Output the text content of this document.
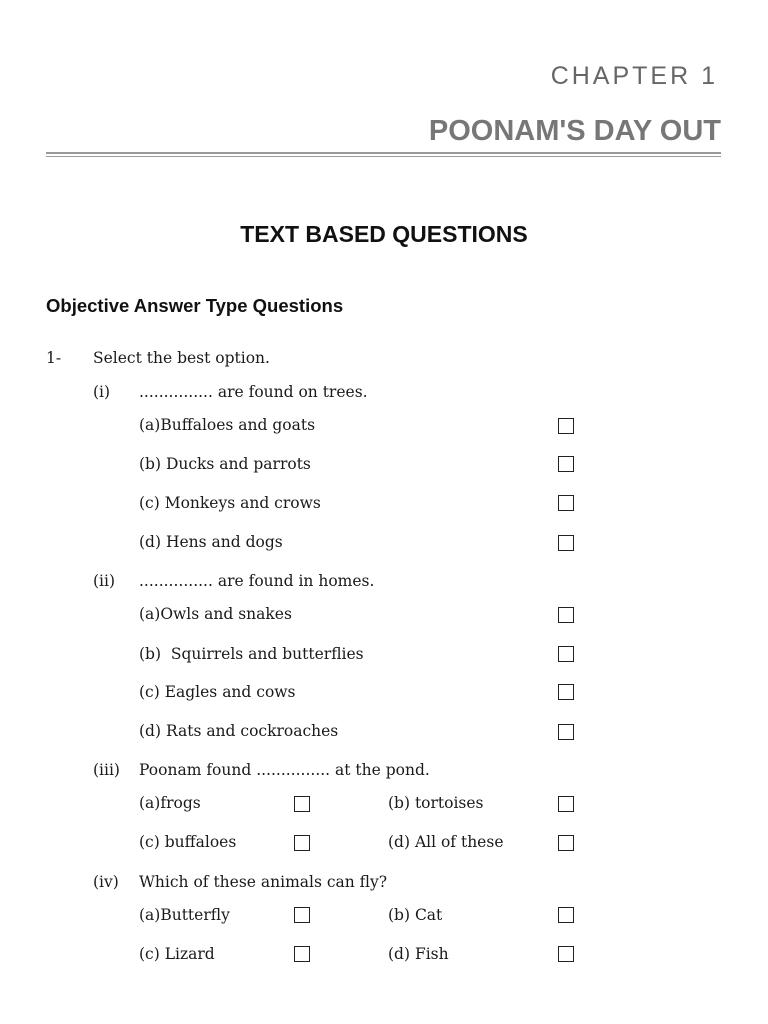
CHAPTER 1
POONAM'S DAY OUT
TEXT BASED QUESTIONS
Objective Answer Type Questions
1- Select the best option.
(i) ............... are found on trees.
(a)Buffaloes and goats
(b) Ducks and parrots
(c) Monkeys and crows
(d) Hens and dogs
(ii) ............... are found in homes.
(a)Owls and snakes
(b)  Squirrels and butterflies
(c) Eagles and cows
(d) Rats and cockroaches
(iii) Poonam found ............... at the pond.
(a)frogs	(b) tortoises
(c) buffaloes	(d) All of these
(iv) Which of these animals can fly?
(a)Butterfly	(b) Cat
(c) Lizard	(d) Fish
